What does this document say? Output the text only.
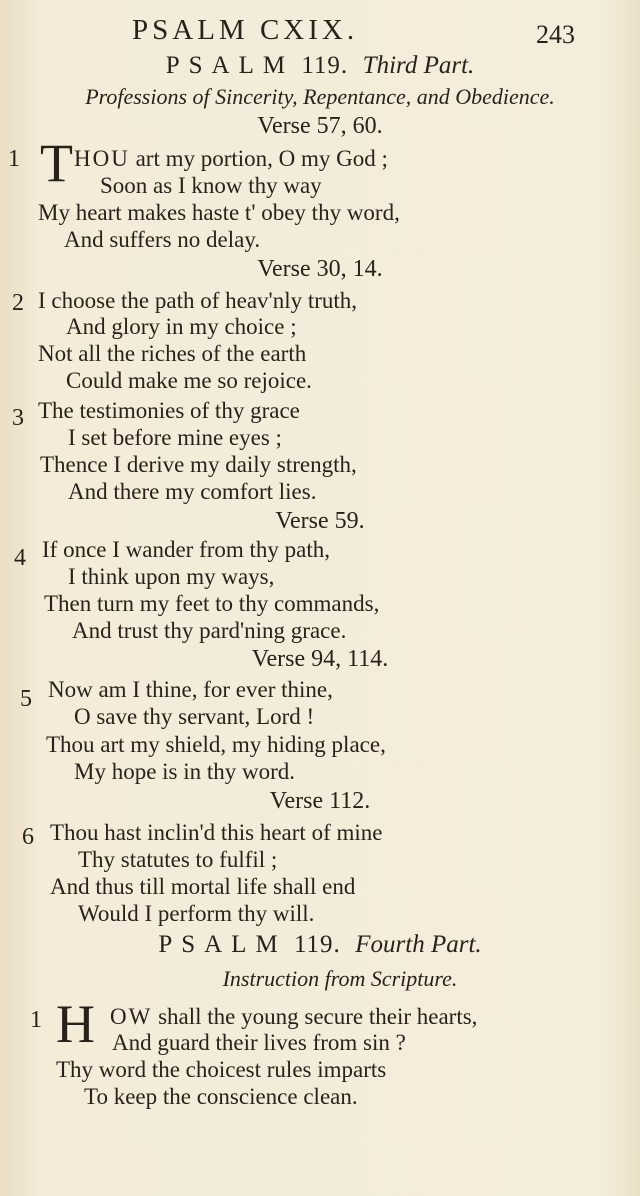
PSALM CXIX.	243
PSALM 119. Third Part.
Professions of Sincerity, Repentance, and Obedience.
Verse 57, 60.
1 T HOU art my portion, O my God ;
Soon as I know thy way
My heart makes haste t' obey thy word,
And suffers no delay.
Verse 30, 14.
2 I choose the path of heav'nly truth,
And glory in my choice ;
Not all the riches of the earth
Could make me so rejoice.
3 The testimonies of thy grace
I set before mine eyes ;
Thence I derive my daily strength,
And there my comfort lies.
Verse 59.
4 If once I wander from thy path,
I think upon my ways,
Then turn my feet to thy commands,
And trust thy pard'ning grace.
Verse 94, 114.
5 Now am I thine, for ever thine,
O save thy servant, Lord !
Thou art my shield, my hiding place,
My hope is in thy word.
Verse 112.
6 Thou hast inclin'd this heart of mine
Thy statutes to fulfil ;
And thus till mortal life shall end
Would I perform thy will.
PSALM 119. Fourth Part.
Instruction from Scripture.
1 H OW shall the young secure their hearts,
And guard their lives from sin ?
Thy word the choicest rules imparts
To keep the conscience clean.
